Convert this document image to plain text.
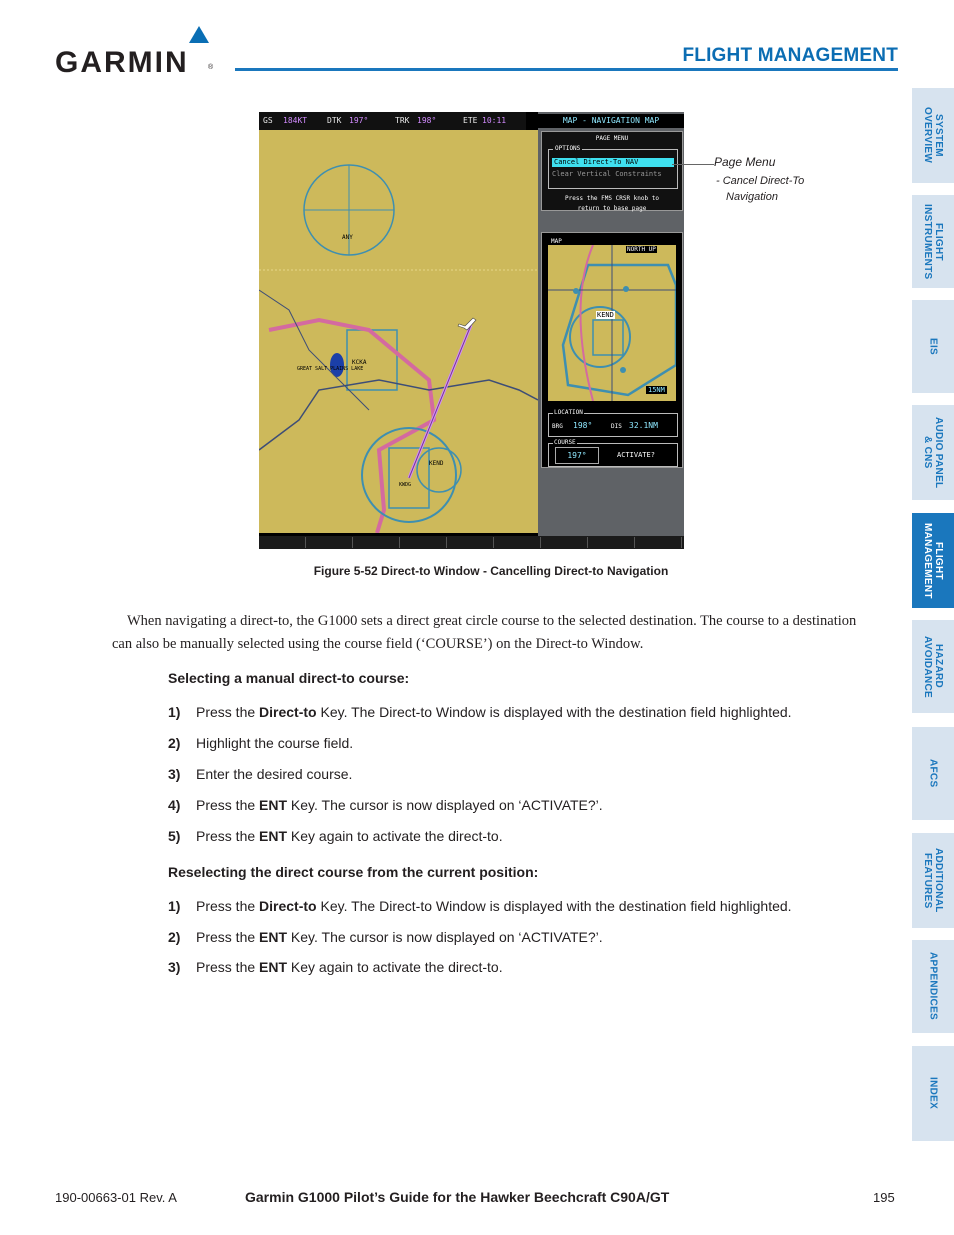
GARMIN	®
FLIGHT MANAGEMENT
SYSTEM
OVERVIEW
FLIGHT
INSTRUMENTS
EIS
AUDIO PANEL
& CNS
FLIGHT
MANAGEMENT
HAZARD
AVOIDANCE
AFCS
ADDITIONAL
FEATURES
APPENDICES
INDEX
GS 184KT DTK 197°	TRK 198°	ETE 10:11
ANY
KCKA
GREAT SALT PLAINS LAKE
KEND
KWDG
MAP - NAVIGATION MAP
PAGE MENU
OPTIONS
Cancel Direct-To NAV
Clear Vertical Constraints
Press the FMS CRSR knob to
return to base page
MAP
NORTH UP
KEND
15NM
LOCATION
BRG 198°	DIS 32.1NM
COURSE
197°	ACTIVATE?
Page Menu
- Cancel Direct-To
Navigation
Figure 5-52 Direct-to Window - Cancelling Direct-to Navigation
When navigating a direct-to, the G1000 sets a direct great circle course to the selected destination. The course to a destination can also be manually selected using the course field (‘COURSE’) on the Direct-to Window.
Selecting a manual direct-to course:
1) Press the Direct-to Key. The Direct-to Window is displayed with the destination field highlighted.
2) Highlight the course field.
3) Enter the desired course.
4) Press the ENT Key. The cursor is now displayed on ‘ACTIVATE?’.
5) Press the ENT Key again to activate the direct-to.
Reselecting the direct course from the current position:
1) Press the Direct-to Key. The Direct-to Window is displayed with the destination field highlighted.
2) Press the ENT Key. The cursor is now displayed on ‘ACTIVATE?’.
3) Press the ENT Key again to activate the direct-to.
190-00663-01 Rev. A	Garmin G1000 Pilot’s Guide for the Hawker Beechcraft C90A/GT	195
